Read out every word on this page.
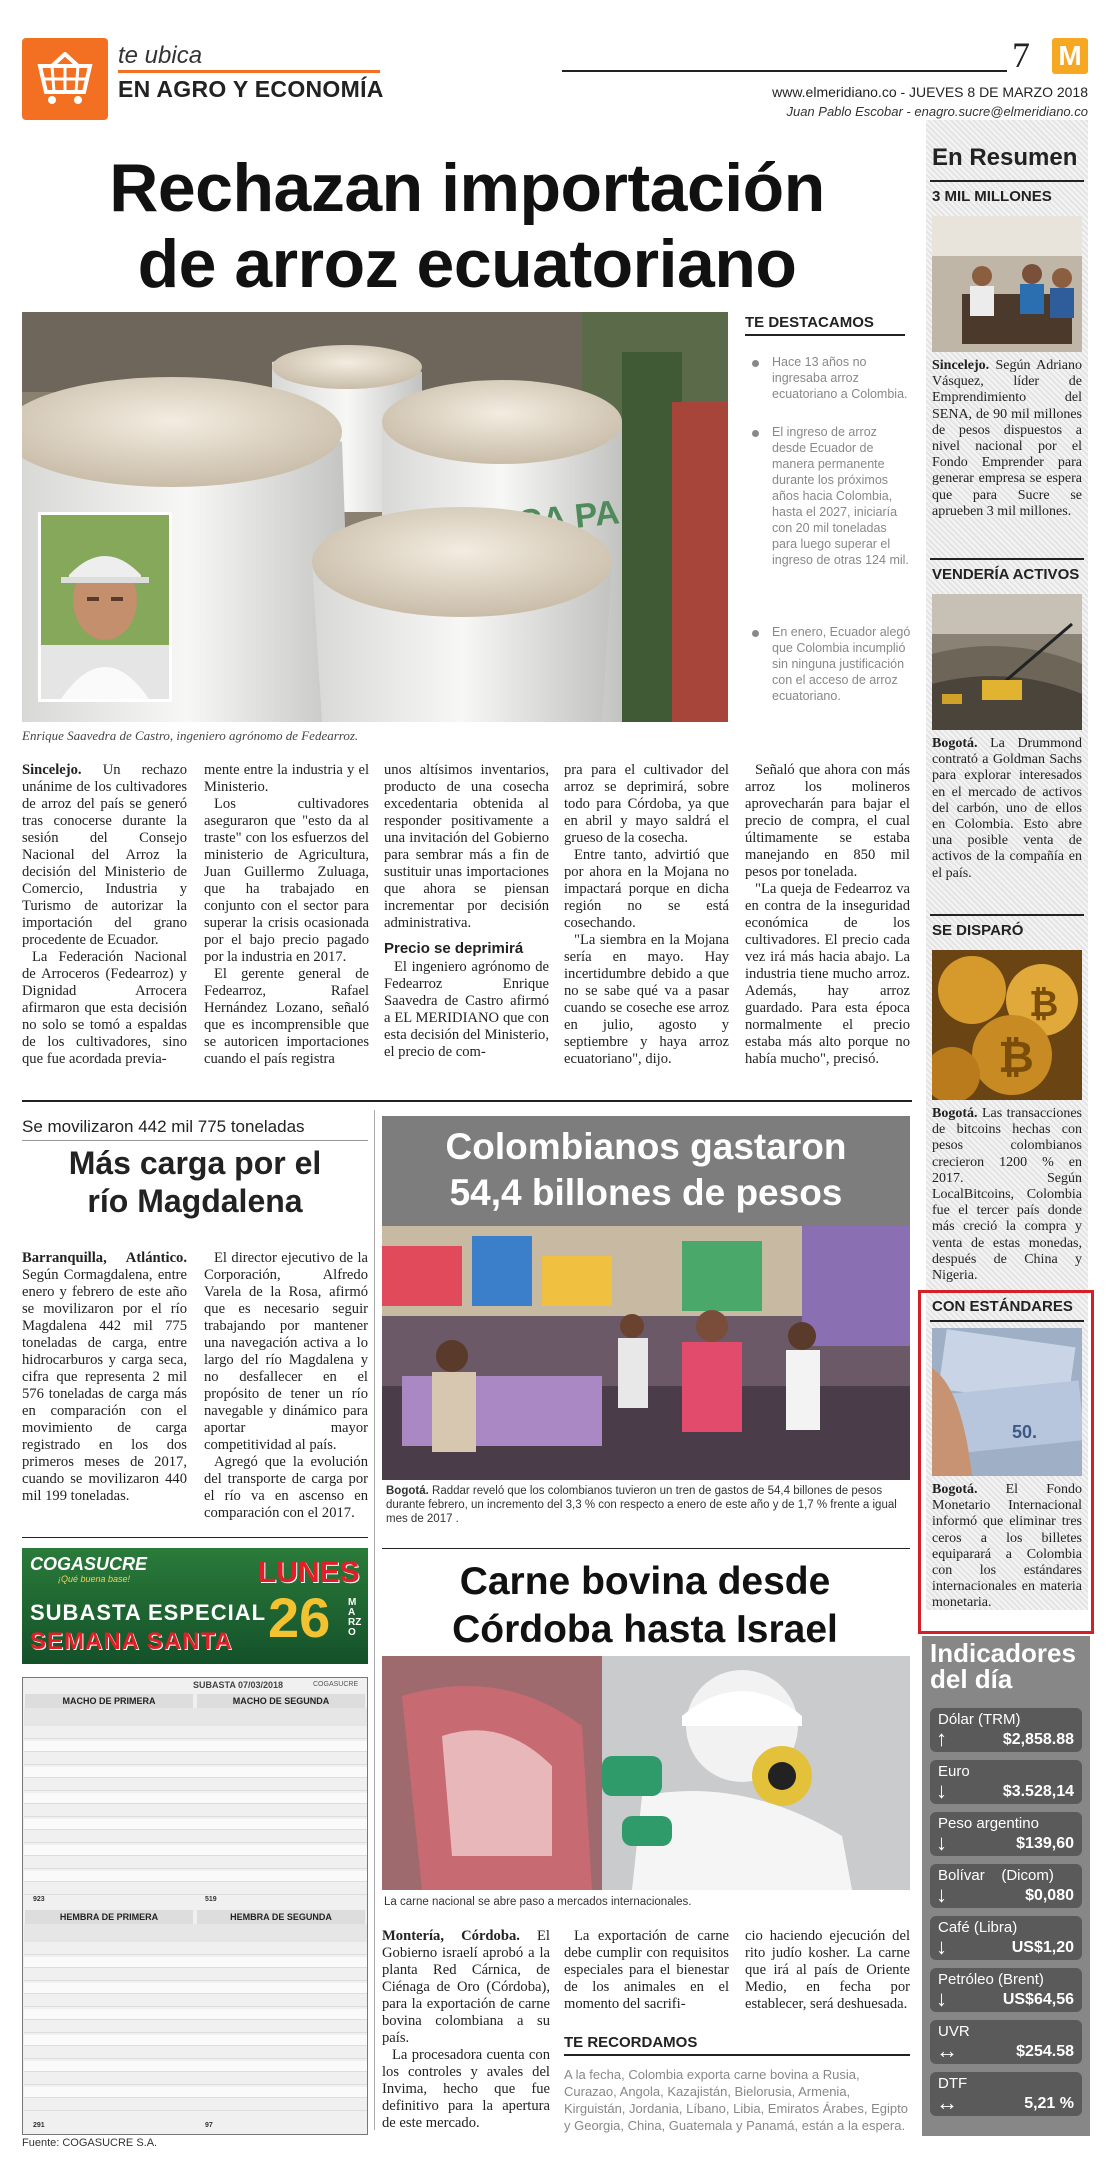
te ubica
EN AGRO Y ECONOMÍA
7 M
www.elmeridiano.co - JUEVES 8 DE MARZO 2018
Juan Pablo Escobar - enagro.sucre@elmeridiano.co
Rechazan importación
de arroz ecuatoriano
PA
Enrique Saavedra de Castro, ingeniero agrónomo de Fedearroz.
TE DESTACAMOS
Hace 13 años no ingresaba arroz ecuatoriano a Colombia.
El ingreso de arroz desde Ecuador de manera permanente durante los próximos años hacia Colombia, hasta el 2027, iniciaría con 20 mil toneladas para luego superar el ingreso de otras 124 mil.
En enero, Ecuador alegó que Colombia incumplió sin ninguna justificación con el acceso de arroz ecuatoriano.

Sincelejo. Un rechazo unánime de los cultivadores de arroz del país se generó tras conocerse durante la sesión del Consejo Nacional del Arroz la decisión del Ministerio de Comercio, Industria y Turismo de autorizar la importación del grano procedente de Ecuador.

La Federación Nacional de Arroceros (Fedearroz) y Dignidad Arrocera afirmaron que esta decisión no solo se tomó a espaldas de los cultivadores, sino que fue acordada previa-

mente entre la industria y el Ministerio.

Los cultivadores aseguraron que "esto da al traste" con los esfuerzos del ministerio de Agricultura, Juan Guillermo Zuluaga, que ha trabajado en conjunto con el sector para superar la crisis ocasionada por el bajo precio pagado por la industria en 2017.

El gerente general de Fedearroz, Rafael Hernández Lozano, señaló que es incomprensible que se autoricen importaciones cuando el país registra

unos altísimos inventarios, producto de una cosecha excedentaria obtenida al responder positivamente a una invitación del Gobierno para sembrar más a fin de sustituir unas importaciones que ahora se piensan incrementar por decisión administrativa.

Precio se deprimirá

El ingeniero agrónomo de Fedearroz Enrique Saavedra de Castro afirmó a EL MERIDIANO que con esta decisión del Ministerio, el precio de com-

pra para el cultivador del arroz se deprimirá, sobre todo para Córdoba, ya que en abril y mayo saldrá el grueso de la cosecha.

Entre tanto, advirtió que por ahora en la Mojana no impactará porque en dicha región no se está cosechando.

"La siembra en la Mojana sería en mayo. Hay incertidumbre debido a que no se sabe qué va a pasar cuando se coseche ese arroz en julio, agosto y septiembre y haya arroz ecuatoriano", dijo.

Señaló que ahora con más arroz los molineros aprovecharán para bajar el precio de compra, el cual últimamente se estaba manejando en 850 mil pesos por tonelada.

"La queja de Fedearroz va en contra de la inseguridad económica de los cultivadores. El precio cada vez irá más hacia abajo. La industria tiene mucho arroz. Además, hay arroz guardado. Para esta época normalmente el precio estaba más alto porque no había mucho", precisó.

En Resumen
3 MIL MILLONES
Sincelejo. Según Adriano Vásquez, líder de Emprendimiento del SENA, de 90 mil millones de pesos dispuestos a nivel nacional por el Fondo Emprender para generar empresa se espera que para Sucre se aprueben 3 mil millones.
VENDERÍA ACTIVOS
Bogotá. La Drummond contrató a Goldman Sachs para explorar interesados en el mercado de activos del carbón, uno de ellos en Colombia. Esto abre una posible venta de activos de la compañía en el país.
SE DISPARÓ
₿
₿
Bogotá. Las transacciones de bitcoins hechas con pesos colombianos crecieron 1200 % en 2017. Según LocalBitcoins, Colombia fue el tercer país donde más creció la compra y venta de estas monedas, después de China y Nigeria.
CON ESTÁNDARES
50.
Bogotá. El Fondo Monetario Internacional informó que eliminar tres ceros a los billetes equiparará a Colombia con los estándares internacionales en materia monetaria.
Indicadores
del día
Dólar (TRM)
↑	$2,858.88
Euro
↓	$3.528,14
Peso argentino
↓	$139,60
Bolívar    (Dicom)
↓	$0,080
Café (Libra)
↓	US$1,20
Petróleo (Brent)
↓	US$64,56
UVR
↔	$254.58
DTF
↔	5,21 %
Se movilizaron 442 mil 775 toneladas
Más carga por el
río Magdalena

Barranquilla, Atlántico. Según Cormagdalena, entre enero y febrero de este año se movilizaron por el río Magdalena 442 mil 775 toneladas de carga, entre hidrocarburos y carga seca, cifra que representa 2 mil 576 toneladas de carga más en comparación con el movimiento de carga registrado en los dos primeros meses de 2017, cuando se movilizaron 440 mil 199 toneladas.

El director ejecutivo de la Corporación, Alfredo Varela de la Rosa, afirmó que es necesario seguir trabajando por mantener una navegación activa a lo largo del río Magdalena y no desfallecer en el propósito de tener un río navegable y dinámico para aportar mayor competitividad al país.

Agregó que la evolución del transporte de carga por el río va en ascenso en comparación con el 2017.

Colombianos gastaron
54,4 billones de pesos
Bogotá. Raddar reveló que los colombianos tuvieron un tren de gastos de 54,4 billones de pesos durante febrero, un incremento del 3,3 % con respecto a enero de este año y de 1,7 % frente a igual mes de 2017 .
COGASUCRE
¡Qué buena base!
SUBASTA ESPECIAL
SEMANA SANTA
LUNES
26 MARZO
SUBASTA 07/03/2018	COGASUCRE
MACHO DE PRIMERA	MACHO DE SEGUNDA
923	519
HEMBRA DE PRIMERA	HEMBRA DE SEGUNDA
291	97
Fuente: COGASUCRE S.A.
Carne bovina desde
Córdoba hasta Israel
La carne nacional se abre paso a mercados internacionales.

Montería, Córdoba. El Gobierno israelí aprobó a la planta Red Cárnica, de Ciénaga de Oro (Córdoba), para la exportación de carne bovina colombiana a su país.

La procesadora cuenta con los controles y avales del Invima, hecho que fue definitivo para la apertura de este mercado.

La exportación de carne debe cumplir con requisitos especiales para el bienestar de los animales en el momento del sacrifi-

cio haciendo ejecución del rito judío kosher. La carne que irá al país de Oriente Medio, en fecha por establecer, será deshuesada.

TE RECORDAMOS
A la fecha, Colombia exporta carne bovina a Rusia, Curazao, Angola, Kazajistán, Bielorusia, Armenia, Kirguistán, Jordania, Líbano, Libia, Emiratos Árabes, Egipto y Georgia, China, Guatemala y Panamá, están a la espera.
